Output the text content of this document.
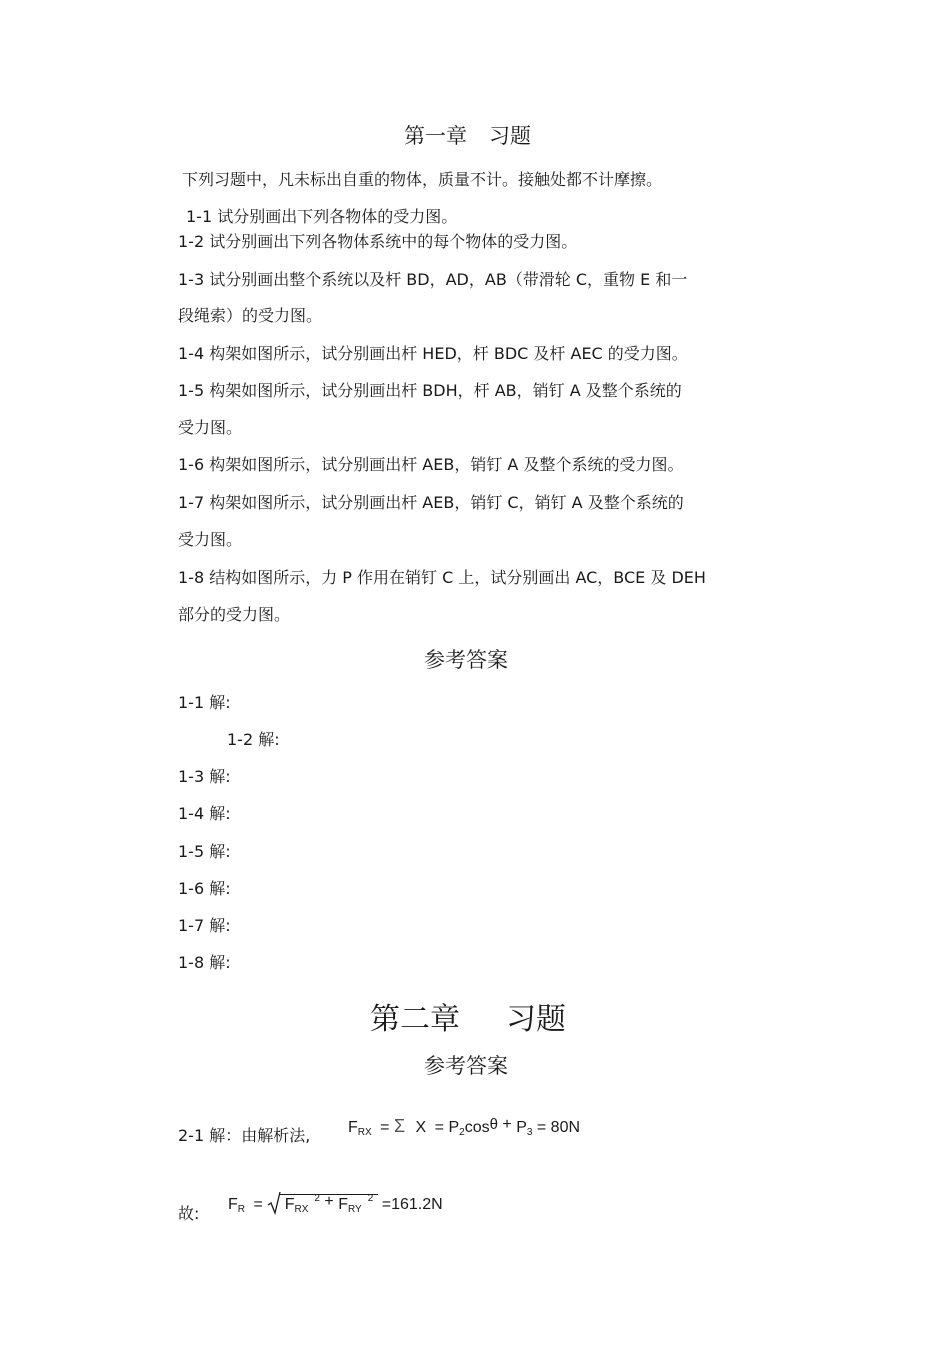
第一章 习题
下列习题中，凡未标出自重的物体，质量不计。接触处都不计摩擦。
1-1 试分别画出下列各物体的受力图。
1-2 试分别画出下列各物体系统中的每个物体的受力图。
1-3 试分别画出整个系统以及杆 BD，AD，AB（带滑轮 C，重物 E 和一
段绳索）的受力图。
1-4 构架如图所示，试分别画出杆 HED，杆 BDC 及杆 AEC 的受力图。
1-5 构架如图所示，试分别画出杆 BDH，杆 AB，销钉 A 及整个系统的
受力图。
1-6 构架如图所示，试分别画出杆 AEB，销钉 A 及整个系统的受力图。
1-7 构架如图所示，试分别画出杆 AEB，销钉 C，销钉 A 及整个系统的
受力图。
1-8 结构如图所示，力 P 作用在销钉 C 上，试分别画出 AC，BCE 及 DEH
部分的受力图。
参考答案
1-1 解:
1-2 解:
1-3 解:
1-4 解:
1-5 解:
1-6 解:
1-7 解:
1-8 解:
第二章 习题
参考答案
2-1 解：由解析法, $F_{RX} = \Sigma$ $X = P_2\cos\theta + P_3 = 80N$
故: $F_R = F_{RX}^2 + F_{RY}^2 =161.2N$
